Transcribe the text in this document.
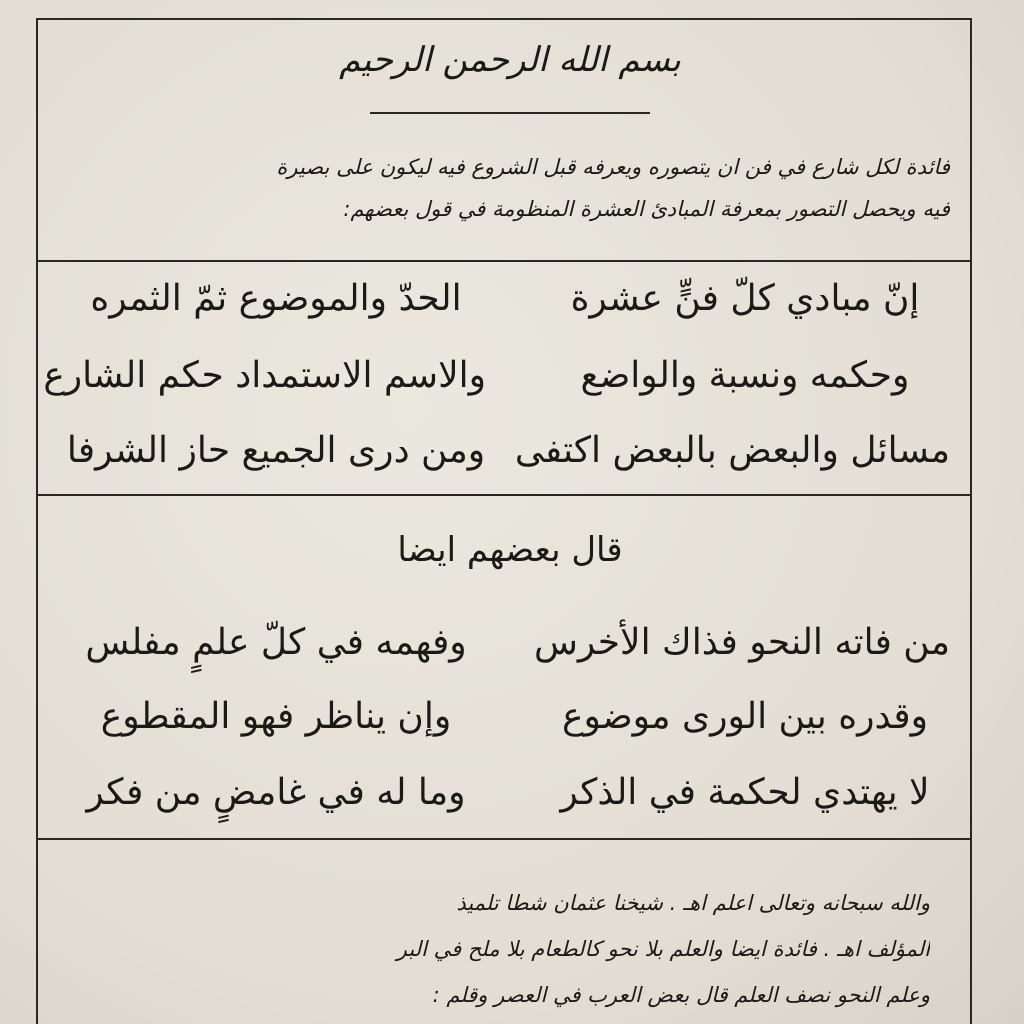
بسم الله الرحمن الرحيم
فائدة لكل شارع في فن ان يتصوره ويعرفه قبل الشروع فيه ليكون على بصيرة
فيه ويحصل التصور بمعرفة المبادئ العشرة المنظومة في قول بعضهم:
إنّ مبادي كلّ فنٍّ عشرة
الحدّ والموضوع ثمّ الثمره
وحكمه ونسبة والواضع
والاسم الاستمداد حكم الشارع
مسائل والبعض بالبعض اكتفى
ومن درى الجميع حاز الشرفا
قال بعضهم ايضا
من فاته النحو فذاك الأخرس
وفهمه في كلّ علمٍ مفلس
وقدره بين الورى موضوع
وإن يناظر فهو المقطوع
لا يهتدي لحكمة في الذكر
وما له في غامضٍ من فكر
والله سبحانه وتعالى اعلم اهـ . شيخنا عثمان شطا تلميذ
المؤلف اهـ . فائدة ايضا والعلم بلا نحو كالطعام بلا ملح في البر
وعلم النحو نصف العلم قال بعض العرب في العصر وقلم :
